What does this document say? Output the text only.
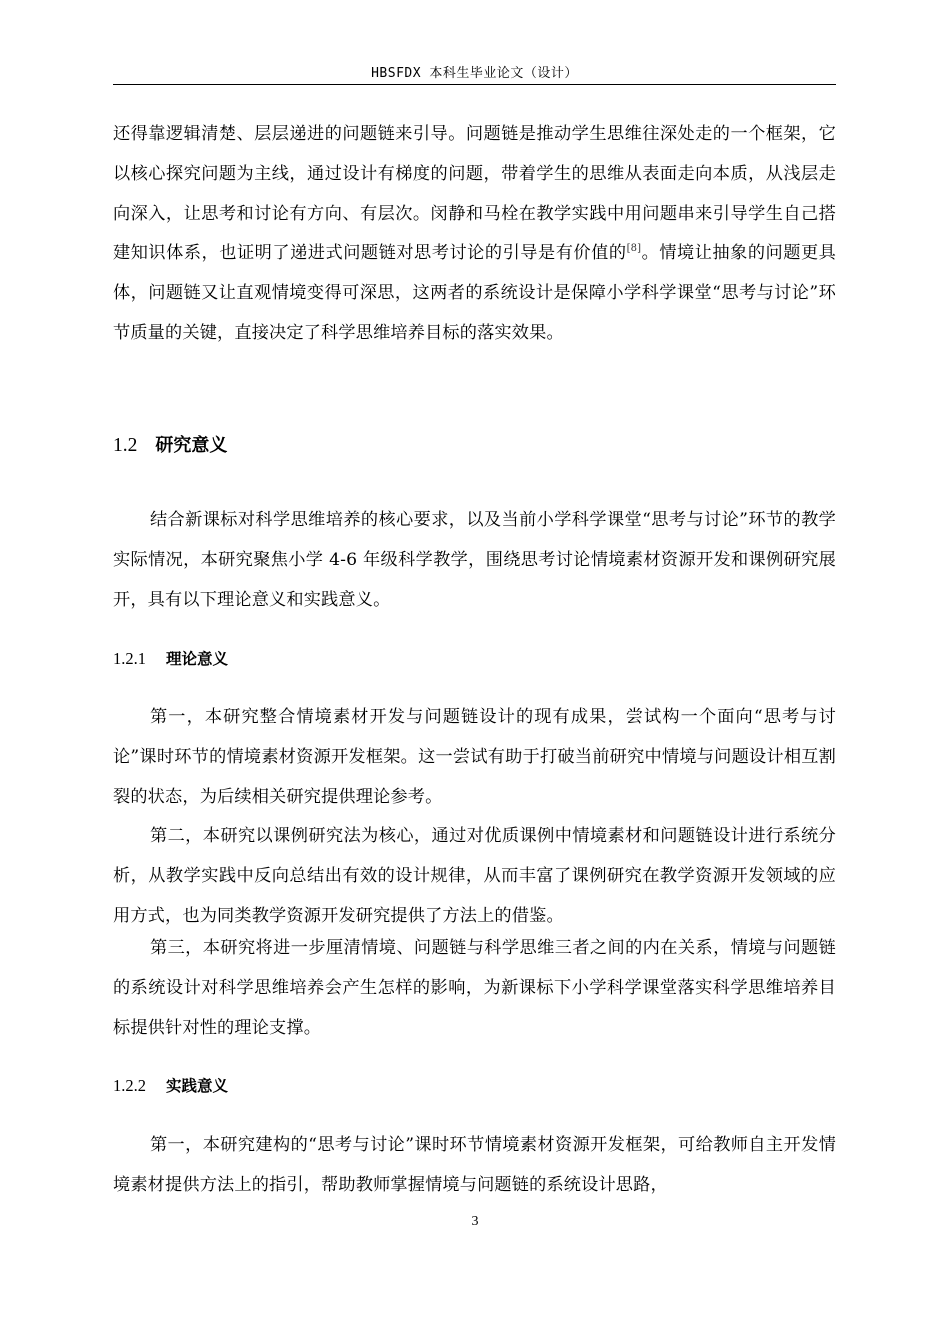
HBSFDX 本科生毕业论文（设计）

还得靠逻辑清楚、层层递进的问题链来引导。问题链是推动学生思维往深处走的一个框架，它以核心探究问题为主线，通过设计有梯度的问题，带着学生的思维从表面走向本质，从浅层走向深入，让思考和讨论有方向、有层次。闵静和马栓在教学实践中用问题串来引导学生自己搭建知识体系，也证明了递进式问题链对思考讨论的引导是有价值的[8]。情境让抽象的问题更具体，问题链又让直观情境变得可深思，这两者的系统设计是保障小学科学课堂“思考与讨论”环节质量的关键，直接决定了科学思维培养目标的落实效果。

1.2 研究意义

结合新课标对科学思维培养的核心要求，以及当前小学科学课堂“思考与讨论”环节的教学实际情况，本研究聚焦小学 4-6 年级科学教学，围绕思考讨论情境素材资源开发和课例研究展开，具有以下理论意义和实践意义。

1.2.1 理论意义

第一，本研究整合情境素材开发与问题链设计的现有成果，尝试构一个面向“思考与讨论”课时环节的情境素材资源开发框架。这一尝试有助于打破当前研究中情境与问题设计相互割裂的状态，为后续相关研究提供理论参考。

第二，本研究以课例研究法为核心，通过对优质课例中情境素材和问题链设计进行系统分析，从教学实践中反向总结出有效的设计规律，从而丰富了课例研究在教学资源开发领域的应用方式，也为同类教学资源开发研究提供了方法上的借鉴。

第三，本研究将进一步厘清情境、问题链与科学思维三者之间的内在关系，情境与问题链的系统设计对科学思维培养会产生怎样的影响，为新课标下小学科学课堂落实科学思维培养目标提供针对性的理论支撑。

1.2.2 实践意义

第一，本研究建构的“思考与讨论”课时环节情境素材资源开发框架，可给教师自主开发情境素材提供方法上的指引，帮助教师掌握情境与问题链的系统设计思路，

3
